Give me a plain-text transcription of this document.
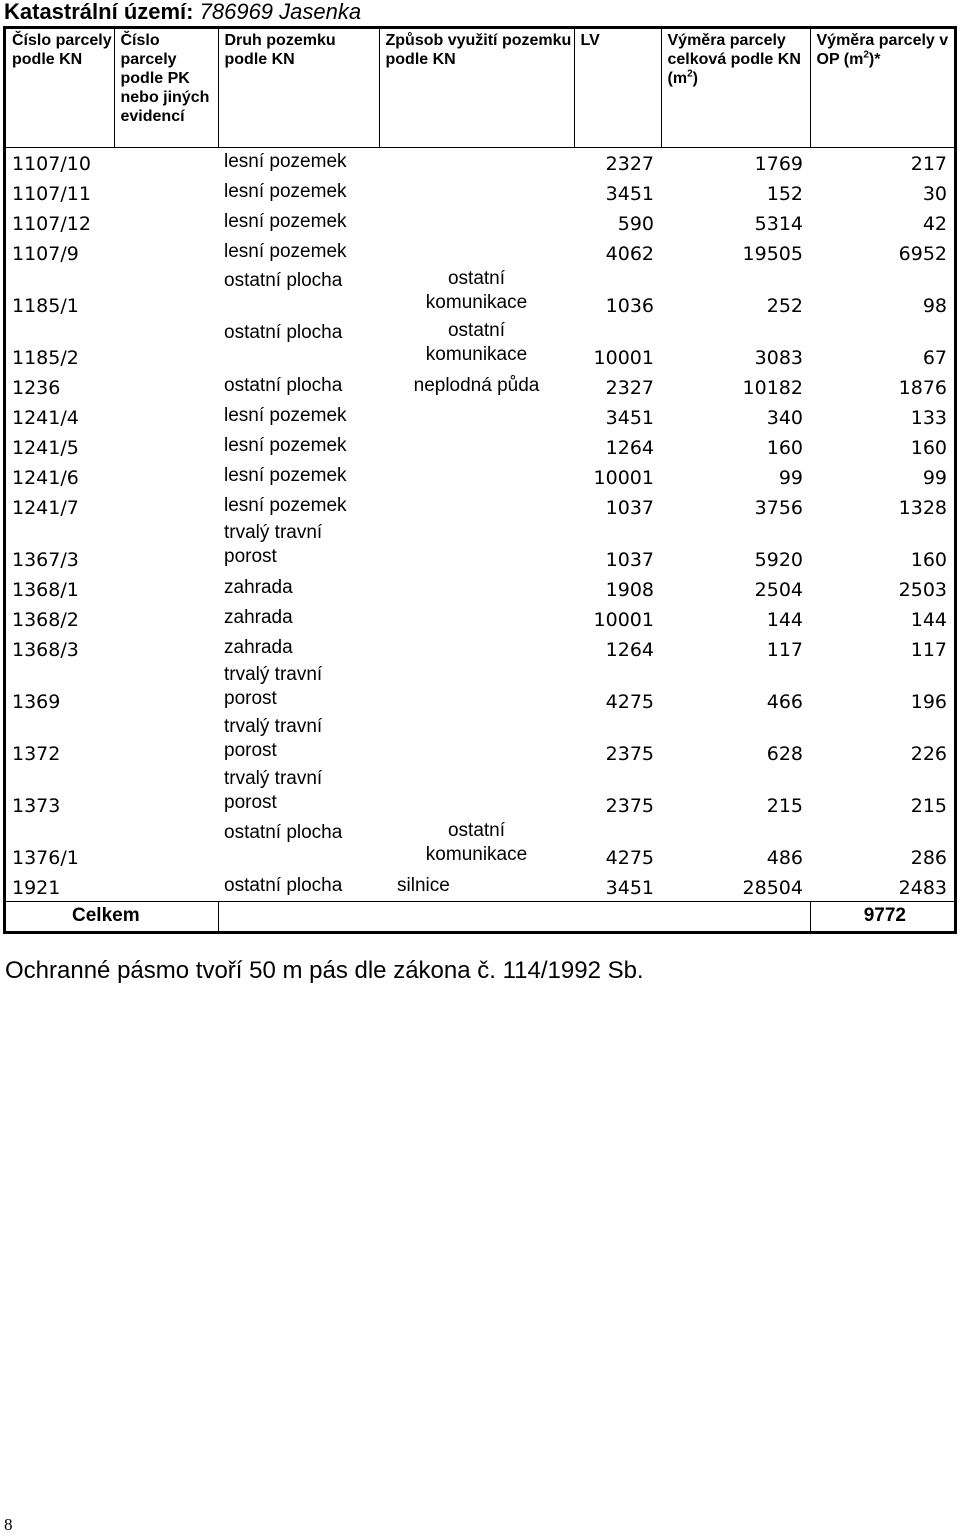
Katastrální území: 786969 Jasenka
Číslo parcely podle KN	Číslo parcely podle PK nebo jiných evidencí	Druh pozemku podle KN	Způsob využití pozemku podle KN	LV	Výměra parcely celková podle KN $(m^2)$	Výměra parcely v OP $(m^2)*$
1107/10		lesní pozemek		2327	1769	217
1107/11		lesní pozemek		3451	152	30
1107/12		lesní pozemek		590	5314	42
1107/9		lesní pozemek		4062	19505	6952
1185/1		ostatní plocha	ostatní
komunikace	1036	252	98
1185/2		ostatní plocha	ostatní
komunikace	10001	3083	67
1236		ostatní plocha	neplodná půda	2327	10182	1876
1241/4		lesní pozemek		3451	340	133
1241/5		lesní pozemek		1264	160	160
1241/6		lesní pozemek		10001	99	99
1241/7		lesní pozemek		1037	3756	1328
1367/3		trvalý travní
porost		1037	5920	160
1368/1		zahrada		1908	2504	2503
1368/2		zahrada		10001	144	144
1368/3		zahrada		1264	117	117
1369		trvalý travní
porost		4275	466	196
1372		trvalý travní
porost		2375	628	226
1373		trvalý travní
porost		2375	215	215
1376/1		ostatní plocha	ostatní
komunikace	4275	486	286
1921		ostatní plocha	silnice	3451	28504	2483
Celkem						9772
Ochranné pásmo tvoří 50 m pás dle zákona č. 114/1992 Sb.
8
